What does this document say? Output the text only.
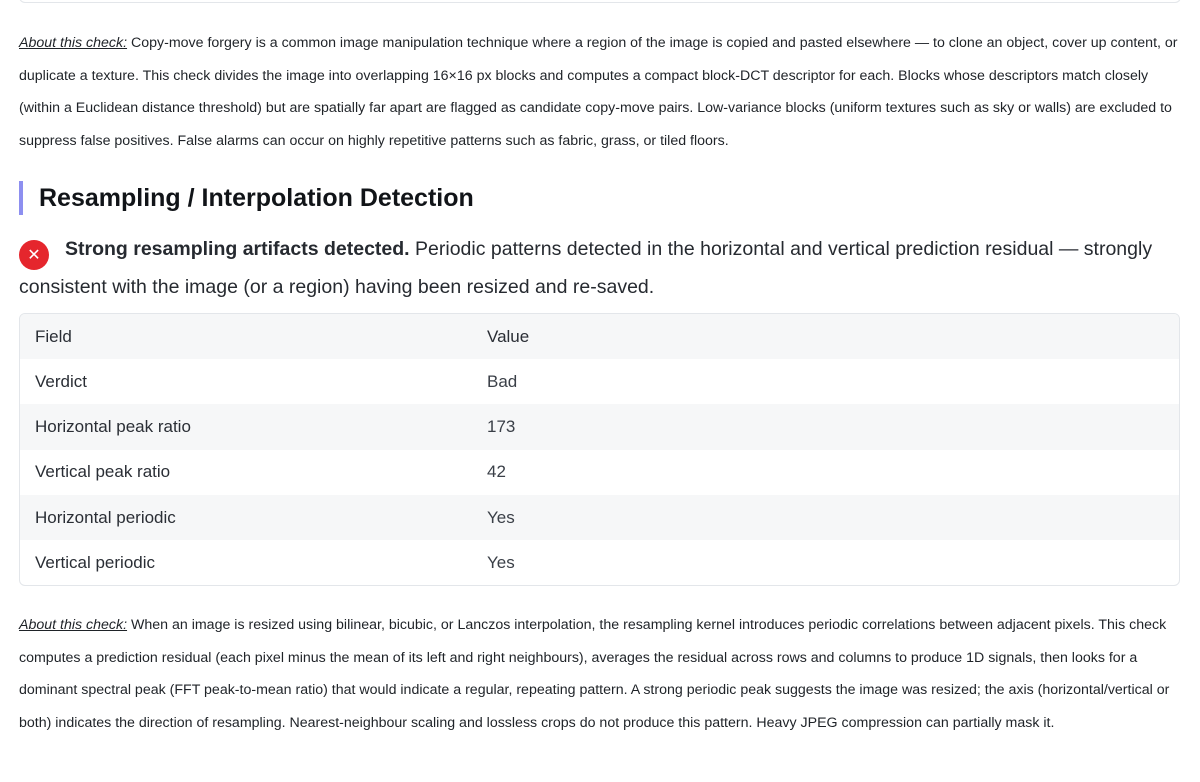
About this check: Copy-move forgery is a common image manipulation technique where a region of the image is copied and pasted elsewhere — to clone an object, cover up content, or duplicate a texture. This check divides the image into overlapping 16×16 px blocks and computes a compact block-DCT descriptor for each. Blocks whose descriptors match closely (within a Euclidean distance threshold) but are spatially far apart are flagged as candidate copy-move pairs. Low-variance blocks (uniform textures such as sky or walls) are excluded to suppress false positives. False alarms can occur on highly repetitive patterns such as fabric, grass, or tiled floors.

Resampling / Interpolation Detection
✕ Strong resampling artifacts detected. Periodic patterns detected in the horizontal and vertical prediction residual — strongly consistent with the image (or a region) having been resized and re-saved.
Field	Value
Verdict	Bad
Horizontal peak ratio	173
Vertical peak ratio	42
Horizontal periodic	Yes
Vertical periodic	Yes

About this check: When an image is resized using bilinear, bicubic, or Lanczos interpolation, the resampling kernel introduces periodic correlations between adjacent pixels. This check computes a prediction residual (each pixel minus the mean of its left and right neighbours), averages the residual across rows and columns to produce 1D signals, then looks for a dominant spectral peak (FFT peak-to-mean ratio) that would indicate a regular, repeating pattern. A strong periodic peak suggests the image was resized; the axis (horizontal/vertical or both) indicates the direction of resampling. Nearest-neighbour scaling and lossless crops do not produce this pattern. Heavy JPEG compression can partially mask it.
